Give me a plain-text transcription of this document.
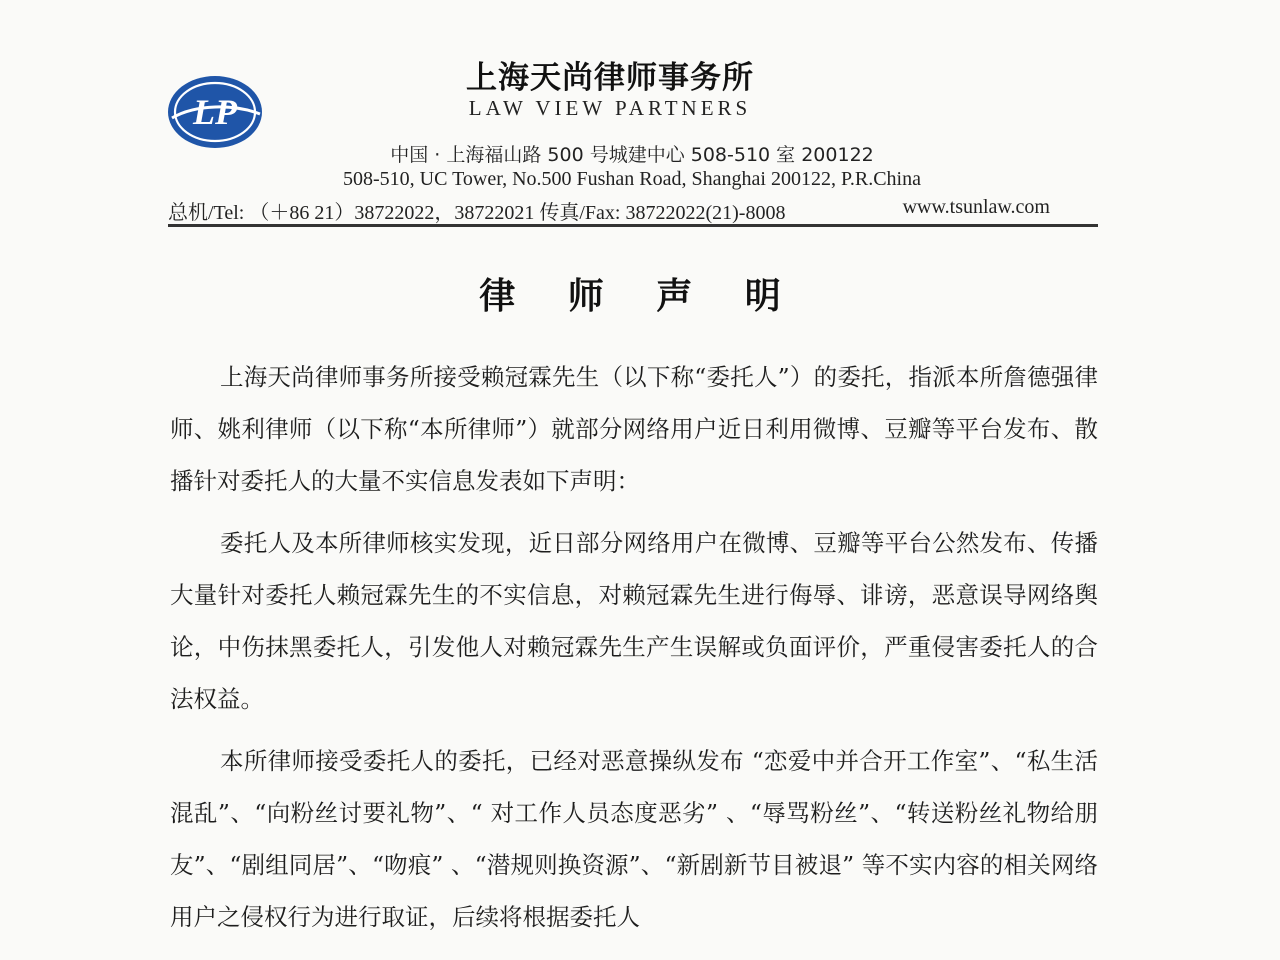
LP
上海天尚律师事务所
LAW VIEW PARTNERS
中国 · 上海福山路 500 号城建中心 508-510 室 200122
508-510, UC Tower, No.500 Fushan Road, Shanghai 200122, P.R.China
总机/Tel: （＋86 21）38722022，38722021 传真/Fax: 38722022(21)-8008	www.tsunlaw.com
律 师 声 明

上海天尚律师事务所接受赖冠霖先生（以下称“委托人”）的委托，指派本所詹德强律师、姚利律师（以下称“本所律师”）就部分网络用户近日利用微博、豆瓣等平台发布、散播针对委托人的大量不实信息发表如下声明：

委托人及本所律师核实发现，近日部分网络用户在微博、豆瓣等平台公然发布、传播大量针对委托人赖冠霖先生的不实信息，对赖冠霖先生进行侮辱、诽谤，恶意误导网络舆论，中伤抹黑委托人，引发他人对赖冠霖先生产生误解或负面评价，严重侵害委托人的合法权益。

本所律师接受委托人的委托，已经对恶意操纵发布 “恋爱中并合开工作室”、“私生活混乱”、“向粉丝讨要礼物”、“ 对工作人员态度恶劣” 、“辱骂粉丝”、“转送粉丝礼物给朋友”、“剧组同居”、“吻痕” 、“潜规则换资源”、“新剧新节目被退” 等不实内容的相关网络用户之侵权行为进行取证，后续将根据委托人
